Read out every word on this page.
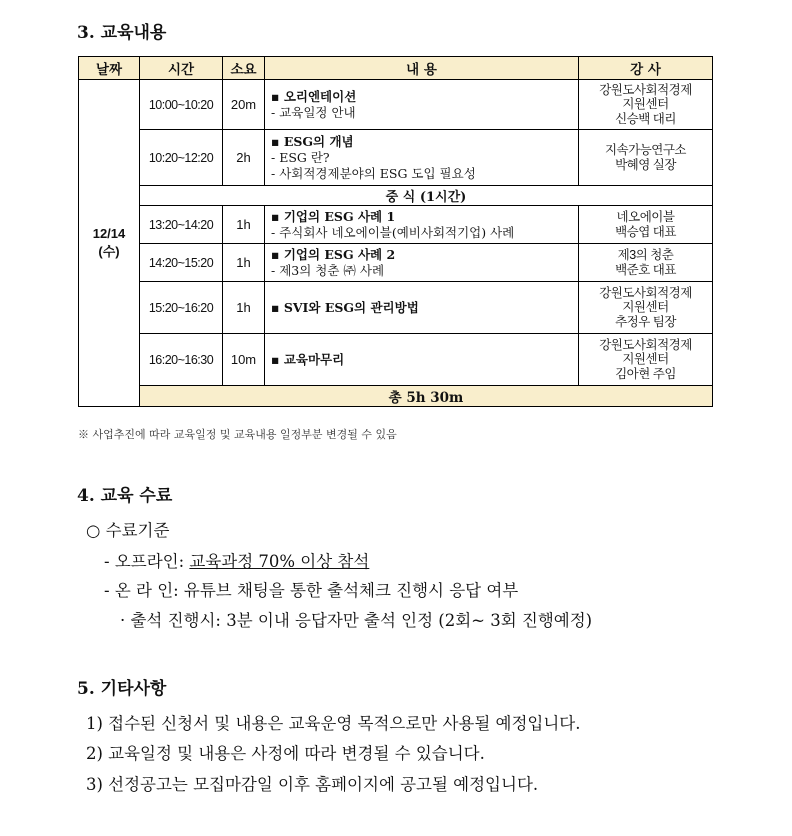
3. 교육내용
날짜	시간	소요	내 용	강 사

12/14
(수)	10:00~10:20	20m	▪ 오리엔테이션
- 교육일정 안내	강원도사회적경제
지원센터
신승백 대리

	10:20~12:20	2h	▪ ESG의 개념
- ESG 란?
- 사회적경제분야의 ESG 도입 필요성	지속가능연구소
박혜영 실장

	중 식 (1시간)			
	13:20~14:20	1h	▪ 기업의 ESG 사례 1
- 주식회사 네오에이블(예비사회적기업) 사례	네오에이블
백승엽 대표

	14:20~15:20	1h	▪ 기업의 ESG 사례 2
- 제3의 청춘 ㈜ 사례	제3의 청춘
백준호 대표

	15:20~16:20	1h	▪ SVI와 ESG의 관리방법	강원도사회적경제
지원센터
추정우 팀장

	16:20~16:30	10m	▪ 교육마무리	강원도사회적경제
지원센터
김아현 주임

	총 5h 30m			
※ 사업추진에 따라 교육일정 및 교육내용 일정부분 변경될 수 있음
4. 교육 수료

○ 수료기준

- 오프라인: 교육과정 70% 이상 참석

- 온 라 인: 유튜브 채팅을 통한 출석체크 진행시 응답 여부

· 출석 진행시: 3분 이내 응답자만 출석 인정 (2회~ 3회 진행예정)

5. 기타사항

1) 접수된 신청서 및 내용은 교육운영 목적으로만 사용될 예정입니다.

2) 교육일정 및 내용은 사정에 따라 변경될 수 있습니다.

3) 선정공고는 모집마감일 이후 홈페이지에 공고될 예정입니다.
